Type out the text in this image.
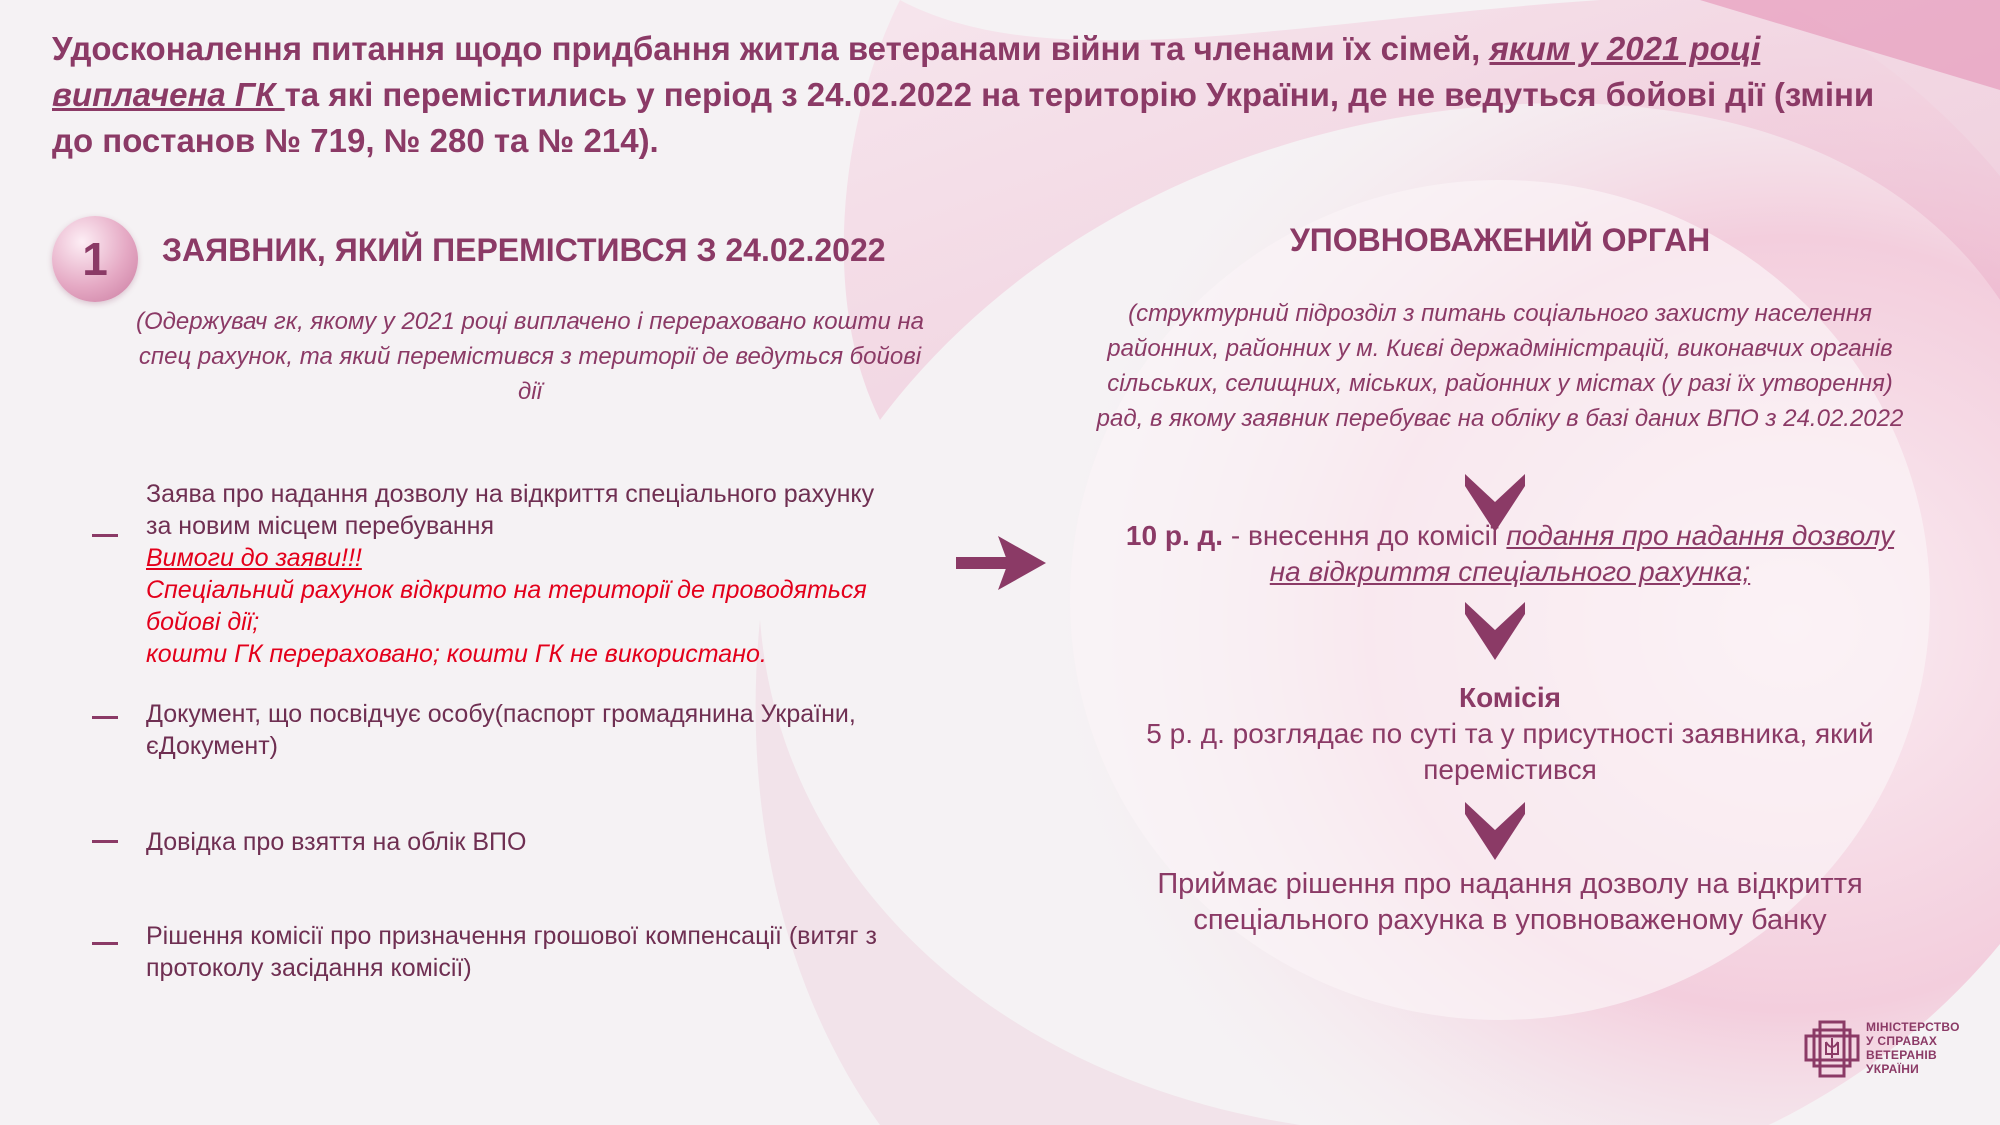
Удосконалення питання щодо придбання житла ветеранами війни та членами їх сімей, яким у 2021 році виплачена ГК та які перемістились у період з 24.02.2022 на територію України, де не ведуться бойові дії (зміни до постанов № 719, № 280 та № 214).
1	ЗАЯВНИК, ЯКИЙ ПЕРЕМІСТИВСЯ З 24.02.2022
(Одержувач гк, якому у 2021 році виплачено і перераховано кошти на спец рахунок, та який перемістився з території де ведуться бойові дії
Заява про надання дозволу на відкриття спеціального рахунку за новим місцем перебування
Вимоги до заяви!!!
Спеціальний рахунок відкрито на території де проводяться бойові дії;
кошти ГК перераховано; кошти ГК не використано.
Документ, що посвідчує особу(паспорт громадянина України, єДокумент)
Довідка про взяття на облік ВПО
Рішення комісії про призначення грошової компенсації (витяг з протоколу засідання комісії)
УПОВНОВАЖЕНИЙ ОРГАН
(структурний підрозділ з питань соціального захисту населення районних, районних у м. Києві держадміністрацій, виконавчих органів сільських, селищних, міських, районних у містах (у разі їх утворення) рад, в якому заявник перебуває на обліку в базі даних ВПО з 24.02.2022
10 р. д. - внесення до комісії подання про надання дозволу на відкриття спеціального рахунка;
Комісія
5 р. д. розглядає по суті та у присутності заявника, який перемістився
Приймає рішення про надання дозволу на відкриття спеціального рахунка в уповноваженому банку
МІНІСТЕРСТВО
У СПРАВАХ
ВЕТЕРАНІВ
УКРАЇНИ
